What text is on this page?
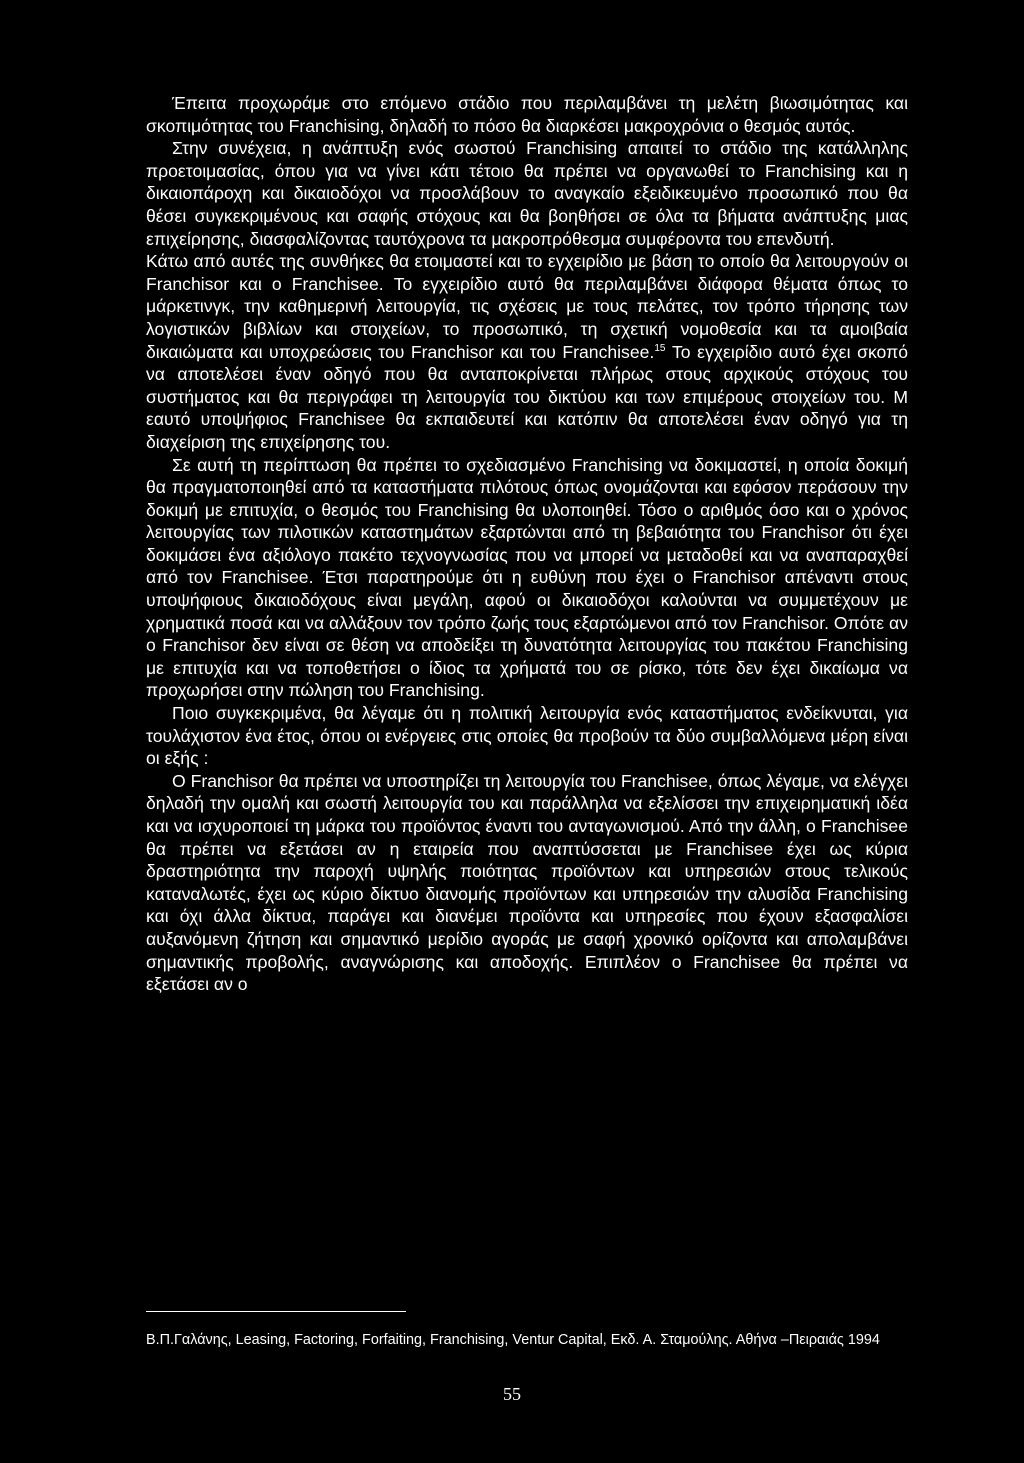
Έπειτα προχωράμε στο επόμενο στάδιο που περιλαμβάνει τη μελέτη βιωσιμότητας και σκοπιμότητας του Franchising, δηλαδή το πόσο θα διαρκέσει μακροχρόνια ο θεσμός αυτός.

Στην συνέχεια, η ανάπτυξη ενός σωστού Franchising απαιτεί το στάδιο της κατάλληλης προετοιμασίας, όπου για να γίνει κάτι τέτοιο θα πρέπει να οργανωθεί το Franchising και η δικαιοπάροχη και δικαιοδόχοι να προσλάβουν το αναγκαίο εξειδικευμένο προσωπικό που θα θέσει συγκεκριμένους και σαφής στόχους και θα βοηθήσει σε όλα τα βήματα ανάπτυξης μιας επιχείρησης, διασφαλίζοντας ταυτόχρονα τα μακροπρόθεσμα συμφέροντα του επενδυτή.

Κάτω από αυτές της συνθήκες θα ετοιμαστεί και το εγχειρίδιο με βάση το οποίο θα λειτουργούν οι Franchisor και ο Franchisee. Το εγχειρίδιο αυτό θα περιλαμβάνει διάφορα θέματα όπως το μάρκετινγκ, την καθημερινή λειτουργία, τις σχέσεις με τους πελάτες, τον τρόπο τήρησης των λογιστικών βιβλίων και στοιχείων, το προσωπικό, τη σχετική νομοθεσία και τα αμοιβαία δικαιώματα και υποχρεώσεις του Franchisor και του Franchisee.$^{15}$ Το εγχειρίδιο αυτό έχει σκοπό να αποτελέσει έναν οδηγό που θα ανταποκρίνεται πλήρως στους αρχικούς στόχους του συστήματος και θα περιγράφει τη λειτουργία του δικτύου και των επιμέρους στοιχείων του. Μ εαυτό υποψήφιος Franchisee θα εκπαιδευτεί και κατόπιν θα αποτελέσει έναν οδηγό για τη διαχείριση της επιχείρησης του.

Σε αυτή τη περίπτωση θα πρέπει το σχεδιασμένο Franchising να δοκιμαστεί, η οποία δοκιμή θα πραγματοποιηθεί από τα καταστήματα πιλότους όπως ονομάζονται και εφόσον περάσουν την δοκιμή με επιτυχία, ο θεσμός του Franchising θα υλοποιηθεί. Τόσο ο αριθμός όσο και ο χρόνος λειτουργίας των πιλοτικών καταστημάτων εξαρτώνται από τη βεβαιότητα του Franchisor ότι έχει δοκιμάσει ένα αξιόλογο πακέτο τεχνογνωσίας που να μπορεί να μεταδοθεί και να αναπαραχθεί από τον Franchisee. Έτσι παρατηρούμε ότι η ευθύνη που έχει ο Franchisor απέναντι στους υποψήφιους δικαιοδόχους είναι μεγάλη, αφού οι δικαιοδόχοι καλούνται να συμμετέχουν με χρηματικά ποσά και να αλλάξουν τον τρόπο ζωής τους εξαρτώμενοι από τον Franchisor. Οπότε αν ο Franchisor δεν είναι σε θέση να αποδείξει τη δυνατότητα λειτουργίας του πακέτου Franchising με επιτυχία και να τοποθετήσει ο ίδιος τα χρήματά του σε ρίσκο, τότε δεν έχει δικαίωμα να προχωρήσει στην πώληση του Franchising.

Ποιο συγκεκριμένα, θα λέγαμε ότι η πολιτική λειτουργία ενός καταστήματος ενδείκνυται, για τουλάχιστον ένα έτος, όπου οι ενέργειες στις οποίες θα προβούν τα δύο συμβαλλόμενα μέρη είναι οι εξής :

Ο Franchisor θα πρέπει να υποστηρίζει τη λειτουργία του Franchisee, όπως λέγαμε, να ελέγχει δηλαδή την ομαλή και σωστή λειτουργία του και παράλληλα να εξελίσσει την επιχειρηματική ιδέα και να ισχυροποιεί τη μάρκα του προϊόντος έναντι του ανταγωνισμού. Από την άλλη, ο Franchisee θα πρέπει να εξετάσει αν η εταιρεία που αναπτύσσεται με Franchisee έχει ως κύρια δραστηριότητα την παροχή υψηλής ποιότητας προϊόντων και υπηρεσιών στους τελικούς καταναλωτές, έχει ως κύριο δίκτυο διανομής προϊόντων και υπηρεσιών την αλυσίδα Franchising και όχι άλλα δίκτυα, παράγει και διανέμει προϊόντα και υπηρεσίες που έχουν εξασφαλίσει αυξανόμενη ζήτηση και σημαντικό μερίδιο αγοράς με σαφή χρονικό ορίζοντα και απολαμβάνει σημαντικής προβολής, αναγνώρισης και αποδοχής. Επιπλέον ο Franchisee θα πρέπει να εξετάσει αν ο

Β.Π.Γαλάνης, Leasing, Factoring, Forfaiting, Franchising, Ventur Capital, Εκδ. Α. Σταμούλης. Αθήνα –Πειραιάς 1994
55
